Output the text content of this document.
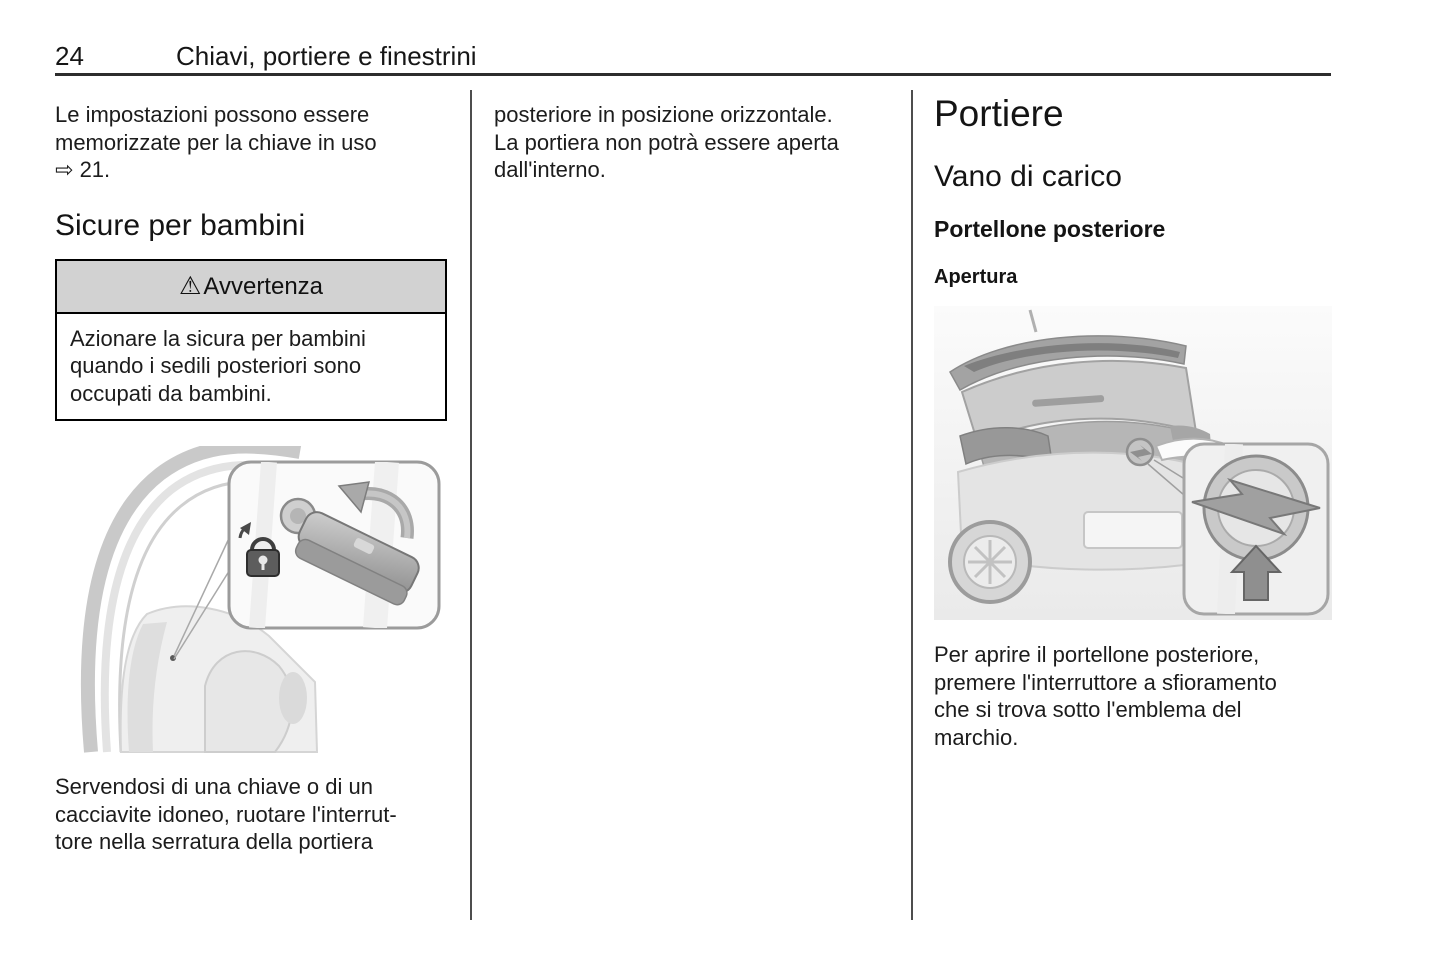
24	Chiavi, portiere e finestrini

Le impostazioni possono essere
memorizzate per la chiave in uso
⇨ 21.

Sicure per bambini
⚠Avvertenza
Azionare la sicura per bambini
quando i sedili posteriori sono
occupati da bambini.

Servendosi di una chiave o di un
cacciavite idoneo, ruotare l'interrut-
tore nella serratura della portiera

posteriore in posizione orizzontale.
La portiera non potrà essere aperta
dall'interno.

Portiere
Vano di carico
Portellone posteriore
Apertura

Per aprire il portellone posteriore,
premere l'interruttore a sfioramento
che si trova sotto l'emblema del
marchio.
